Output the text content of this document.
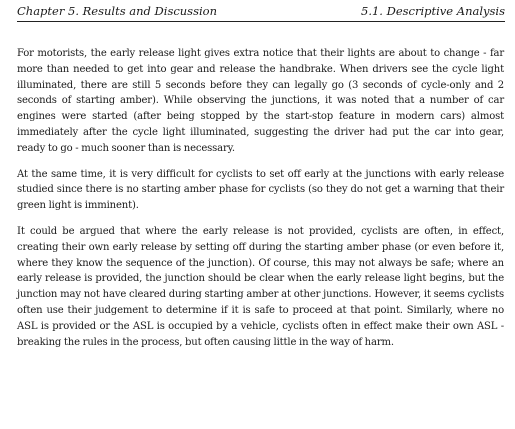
Chapter 5. Results and Discussion	5.1. Descriptive Analysis

For motorists, the early release light gives extra notice that their lights are about to change - far more than needed to get into gear and release the handbrake. When drivers see the cycle light illuminated, there are still 5 seconds before they can legally go (3 seconds of cycle-only and 2 seconds of starting amber). While observing the junctions, it was noted that a number of car engines were started (after being stopped by the start-stop feature in modern cars) almost immediately after the cycle light illuminated, suggesting the driver had put the car into gear, ready to go - much sooner than is necessary.

At the same time, it is very difficult for cyclists to set off early at the junctions with early release studied since there is no starting amber phase for cyclists (so they do not get a warning that their green light is imminent).

It could be argued that where the early release is not provided, cyclists are often, in effect, creating their own early release by setting off during the starting amber phase (or even before it, where they know the sequence of the junction). Of course, this may not always be safe; where an early release is provided, the junction should be clear when the early release light begins, but the junction may not have cleared during starting amber at other junctions. However, it seems cyclists often use their judgement to determine if it is safe to proceed at that point. Similarly, where no ASL is provided or the ASL is occupied by a vehicle, cyclists often in effect make their own ASL - breaking the rules in the process, but often causing little in the way of harm.
